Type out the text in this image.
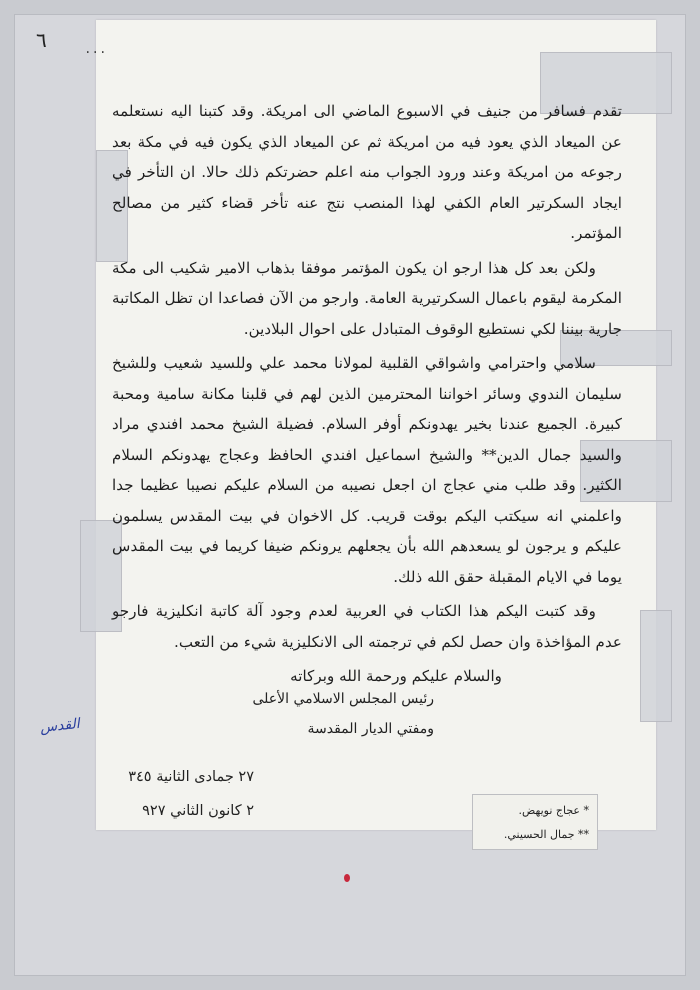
٦	٠٠٠

تقدم فسافر من جنيف في الاسبوع الماضي الى امريكة. وقد كتبنا اليه نستعلمه عن الميعاد الذي يعود فيه من امريكة ثم عن الميعاد الذي يكون فيه في مكة بعد رجوعه من امريكة وعند ورود الجواب منه اعلم حضرتكم ذلك حالا. ان التأخر في ايجاد السكرتير العام الكفي لهذا المنصب نتج عنه تأخر قضاء كثير من مصالح المؤتمر.

ولكن بعد كل هذا ارجو ان يكون المؤتمر موفقا بذهاب الامير شكيب الى مكة المكرمة ليقوم باعمال السكرتيرية العامة. وارجو من الآن فصاعدا ان تظل المكاتبة جارية بيننا لكي نستطيع الوقوف المتبادل على احوال البلادين.

سلامي واحترامي واشواقي القلبية لمولانا محمد علي وللسيد شعيب وللشيخ سليمان الندوي وسائر اخواننا المحترمين الذين لهم في قلبنا مكانة سامية ومحبة كبيرة. الجميع عندنا بخير يهدونكم أوفر السلام. فضيلة الشيخ محمد افندي مراد والسيد جمال الدين** والشيخ اسماعيل افندي الحافظ وعجاج يهدونكم السلام الكثير. وقد طلب مني عجاج ان اجعل نصيبه من السلام عليكم نصيبا عظيما جدا واعلمني انه سيكتب اليكم بوقت قريب. كل الاخوان في بيت المقدس يسلمون عليكم و يرجون لو يسعدهم الله بأن يجعلهم يرونكم ضيفا كريما في بيت المقدس يوما في الايام المقبلة حقق الله ذلك.

وقد كتبت اليكم هذا الكتاب في العربية لعدم وجود آلة كاتبة انكليزية فارجو عدم المؤاخذة وان حصل لكم في ترجمته الى الانكليزية شيء من التعب.

والسلام عليكم ورحمة الله وبركاته

رئيس المجلس الاسلامي الأعلى
ومفتي الديار المقدسة
القدس
٢٧ جمادى الثانية ٣٤٥
٢ كانون الثاني ٩٢٧	* عجاج نويهض.
** جمال الحسيني.
